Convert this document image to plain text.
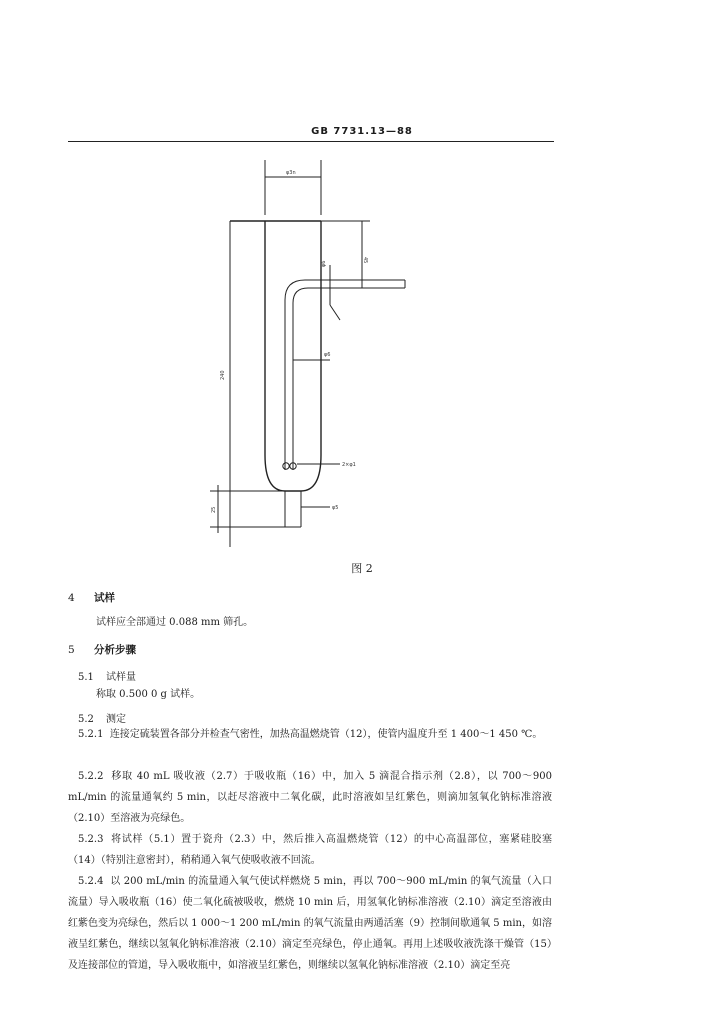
GB 7731.13—88
φ3n
45
φ6
φ6
240
2×φ1
25	φ5
图 2
4 试样
试样应全部通过 0.088 mm 筛孔。
5 分析步骤
5.1 试样量
称取 0.500 0 g 试样。
5.2 测定
5.2.1 连接定硫装置各部分并检查气密性，加热高温燃烧管（12），使管内温度升至 1 400～1 450 ℃。
5.2.2 移取 40 mL 吸收液（2.7）于吸收瓶（16）中，加入 5 滴混合指示剂（2.8），以 700～900 mL/min 的流量通氧约 5 min，以赶尽溶液中二氧化碳，此时溶液如呈红紫色，则滴加氢氧化钠标准溶液（2.10）至溶液为亮绿色。
5.2.3 将试样（5.1）置于瓷舟（2.3）中，然后推入高温燃烧管（12）的中心高温部位，塞紧硅胶塞（14）（特别注意密封），稍稍通入氧气使吸收液不回流。
5.2.4 以 200 mL/min 的流量通入氧气使试样燃烧 5 min，再以 700～900 mL/min 的氧气流量（入口流量）导入吸收瓶（16）使二氧化硫被吸收，燃烧 10 min 后，用氢氧化钠标准溶液（2.10）滴定至溶液由红紫色变为亮绿色，然后以 1 000～1 200 mL/min 的氧气流量由两通活塞（9）控制间歇通氧 5 min，如溶液呈红紫色，继续以氢氧化钠标准溶液（2.10）滴定至亮绿色，停止通氧。再用上述吸收液洗涤干燥管（15）及连接部位的管道，导入吸收瓶中，如溶液呈红紫色，则继续以氢氧化钠标准溶液（2.10）滴定至亮
